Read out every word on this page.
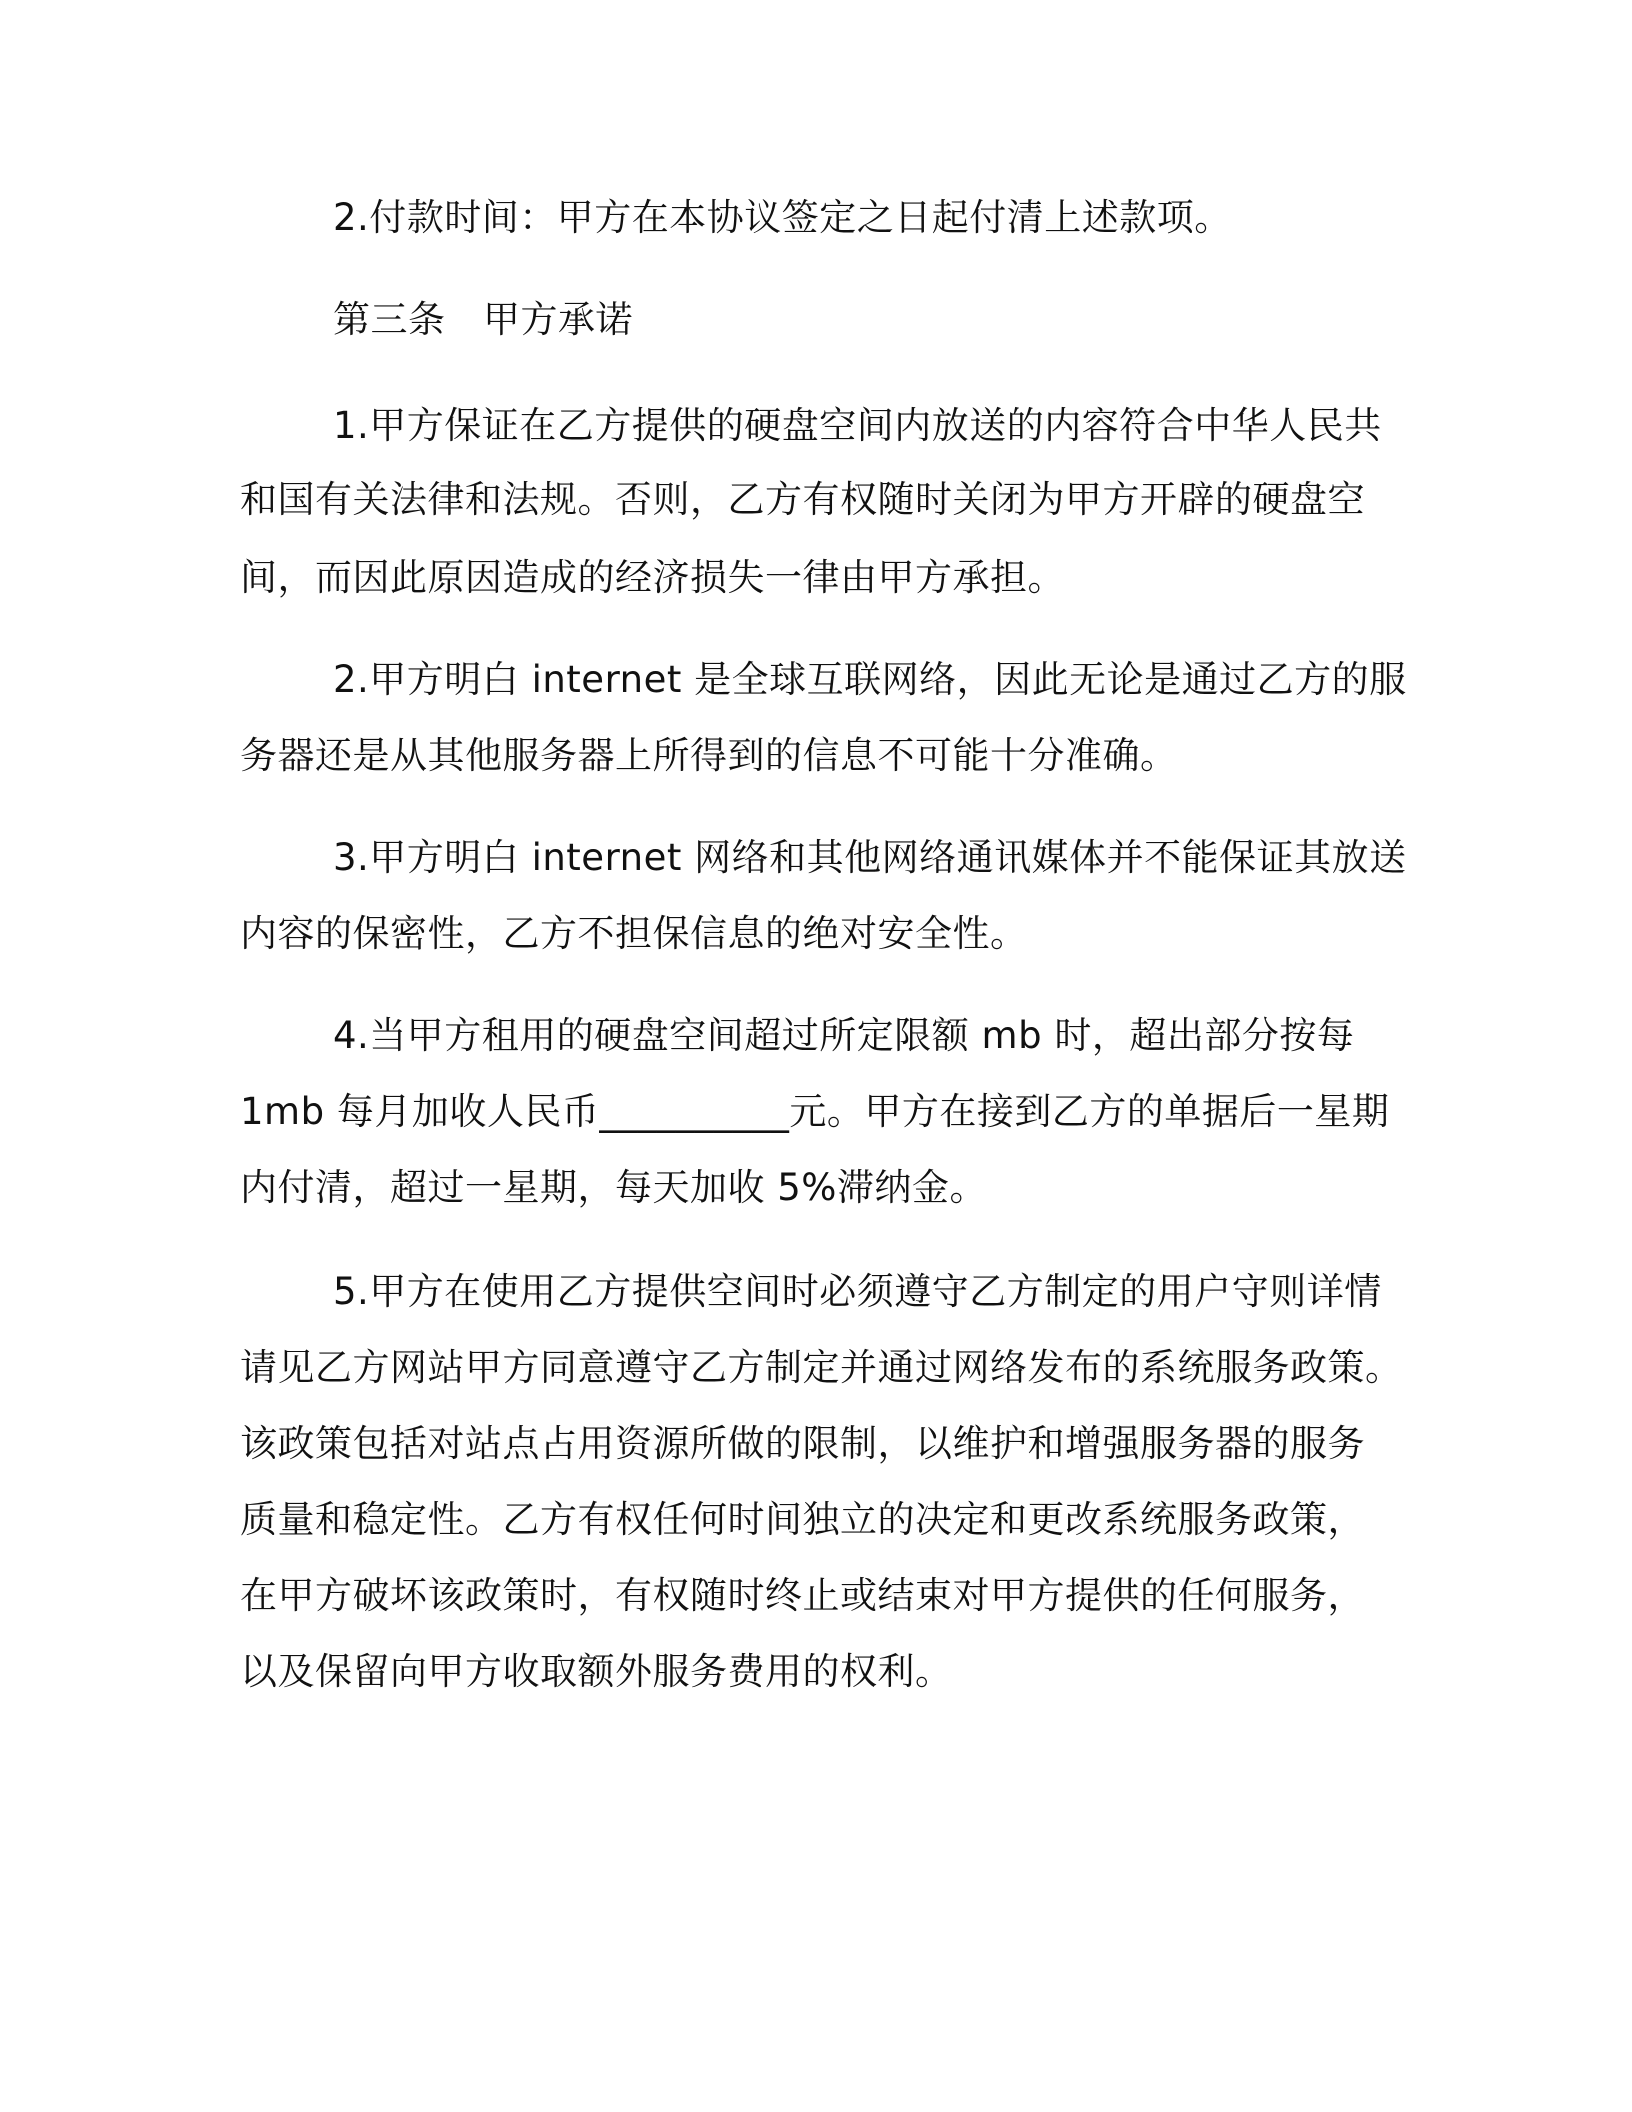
2.付款时间：甲方在本协议签定之日起付清上述款项。
第三条　甲方承诺
1.甲方保证在乙方提供的硬盘空间内放送的内容符合中华人民共
和国有关法律和法规。否则，乙方有权随时关闭为甲方开辟的硬盘空
间，而因此原因造成的经济损失一律由甲方承担。
2.甲方明白 internet 是全球互联网络，因此无论是通过乙方的服
务器还是从其他服务器上所得到的信息不可能十分准确。
3.甲方明白 internet 网络和其他网络通讯媒体并不能保证其放送
内容的保密性，乙方不担保信息的绝对安全性。
4.当甲方租用的硬盘空间超过所定限额 mb 时，超出部分按每
1mb 每月加收人民币__________元。甲方在接到乙方的单据后一星期
内付清，超过一星期，每天加收 5%滞纳金。
5.甲方在使用乙方提供空间时必须遵守乙方制定的用户守则详情
请见乙方网站甲方同意遵守乙方制定并通过网络发布的系统服务政策。
该政策包括对站点占用资源所做的限制，以维护和增强服务器的服务
质量和稳定性。乙方有权任何时间独立的决定和更改系统服务政策，
在甲方破坏该政策时，有权随时终止或结束对甲方提供的任何服务，
以及保留向甲方收取额外服务费用的权利。
